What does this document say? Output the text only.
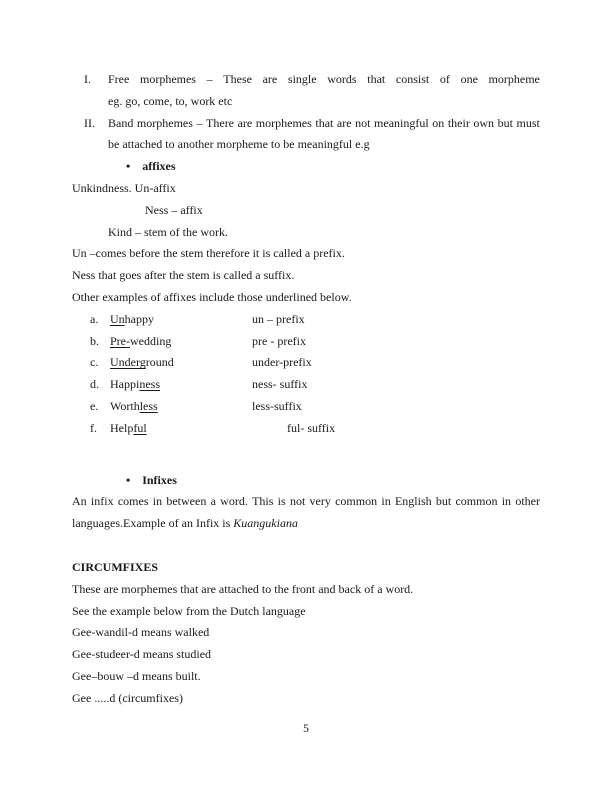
I.	Free morphemes – These are single words that consist of one morpheme
eg. go, come, to, work etc
II.	Band morphemes – There are morphemes that are not meaningful on their own but must
be attached to another morpheme to be meaningful e.g
• affixes
Unkindness. Un-affix
Ness – affix
Kind – stem of the work.
Un –comes before the stem therefore it is called a prefix.
Ness that goes after the stem is called a suffix.
Other examples of affixes include those underlined below.
a. Unhappy	un – prefix
b. Pre-wedding	pre - prefix
c. Underground	under-prefix
d. Happiness	ness- suffix
e. Worthless	less-suffix
f.	Helpful	ful- suffix
• Infixes
An infix comes in between a word. This is not very common in English but common in other
languages.Example of an Infix is Kuangukiana
CIRCUMFIXES
These are morphemes that are attached to the front and back of a word.
See the example below from the Dutch language
Gee-wandil-d means walked
Gee-studeer-d means studied
Gee–bouw –d means built.
Gee .....d (circumfixes)
5
